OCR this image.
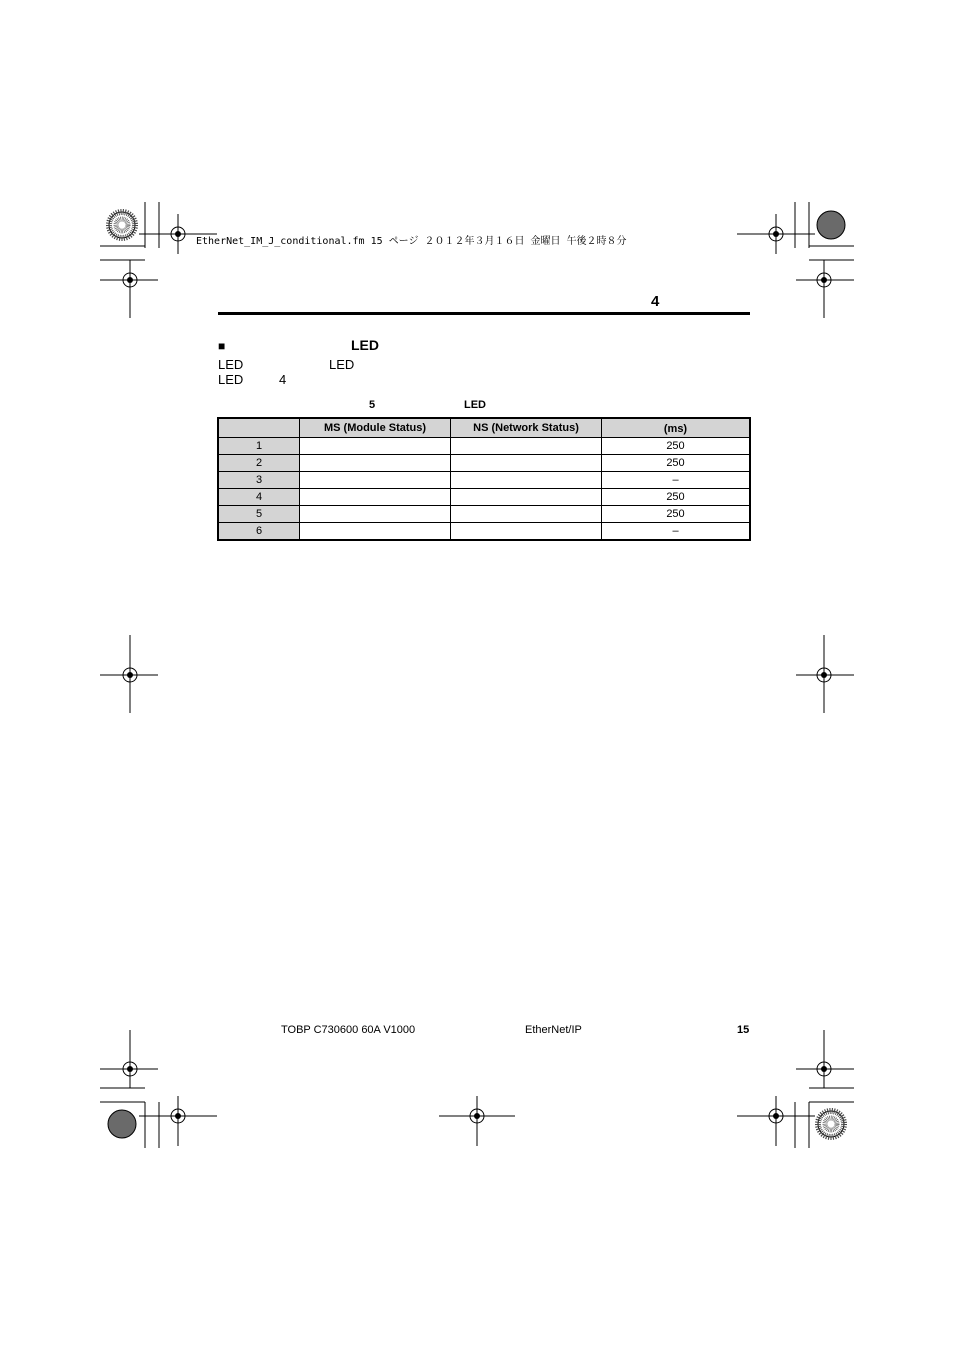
EtherNet_IM_J_conditional.fm 15 ページ ２０１２年３月１６日 金曜日 午後２時８分
4
■	LED
LED	LED
LED	4
5	LED
	MS (Module Status)	NS (Network Status)	(ms)
1			250
2			250
3			–
4			250
5			250
6			–
TOBP C730600 60A V1000	EtherNet/IP	15
